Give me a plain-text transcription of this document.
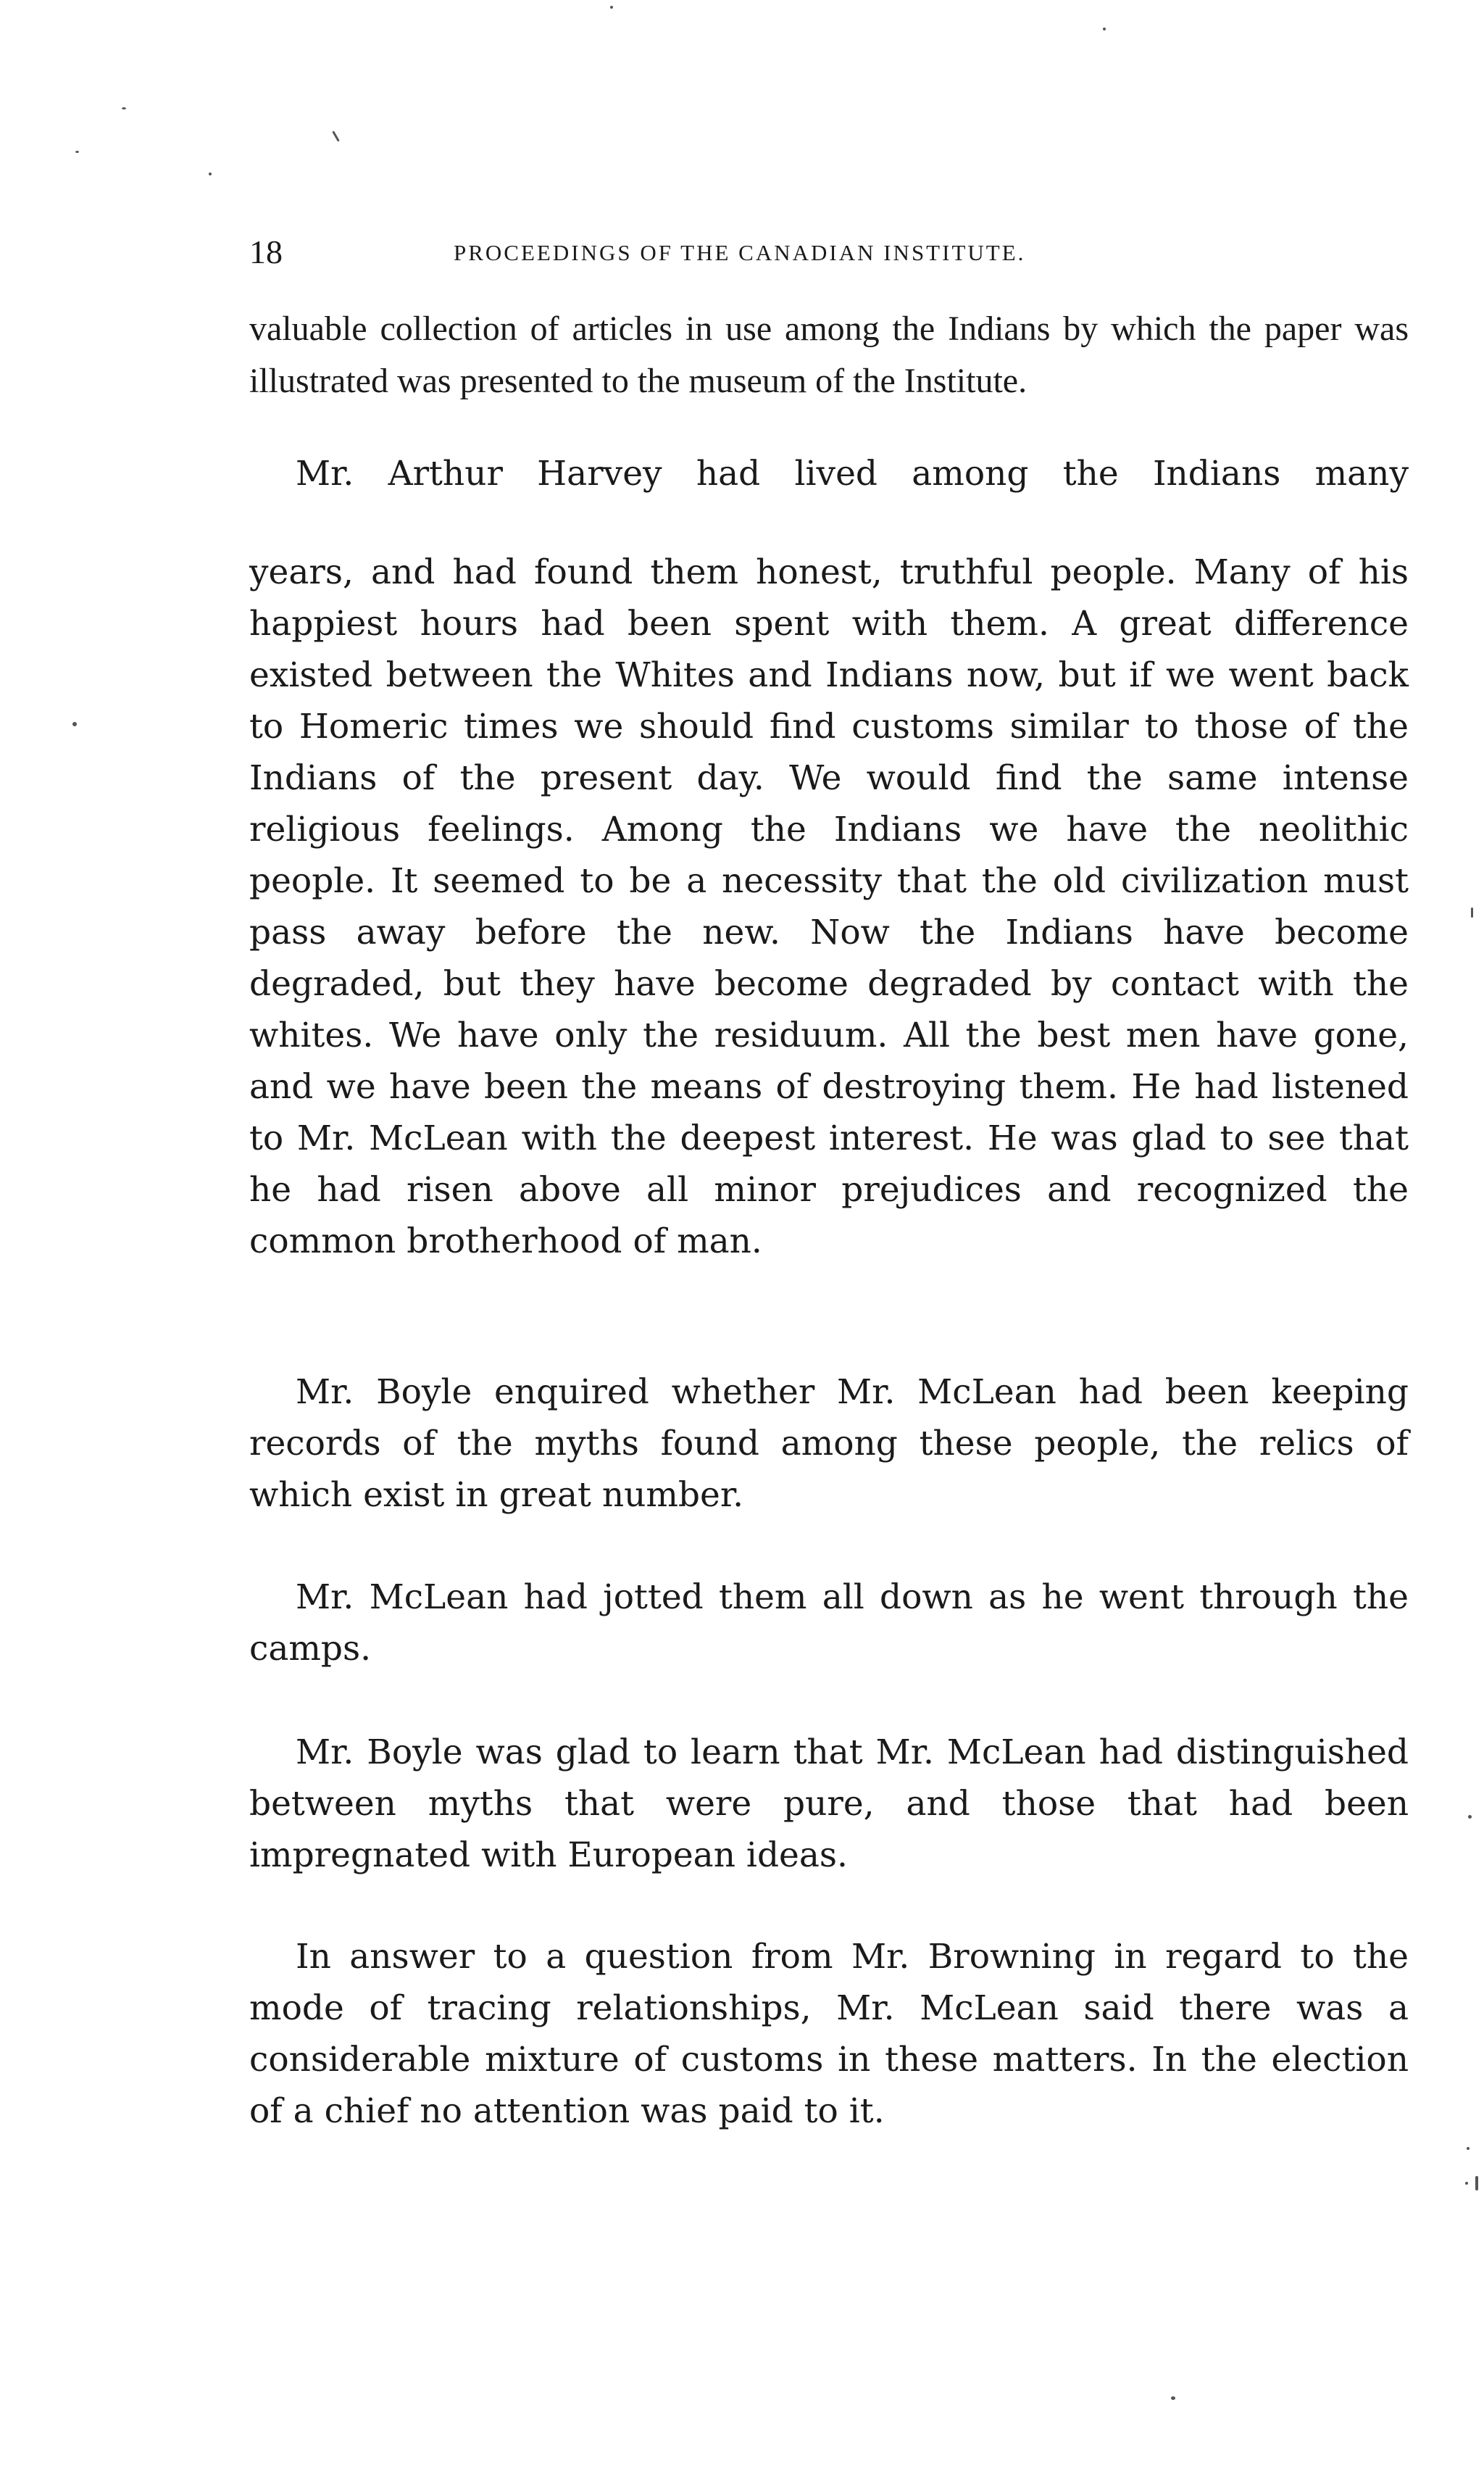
18	PROCEEDINGS OF THE CANADIAN INSTITUTE.

valuable collection of articles in use among the Indians by which the paper was illustrated was presented to the museum of the Institute.

Mr. Arthur Harvey had lived among the Indians many

years, and had found them honest, truthful people. Many of his happiest hours had been spent with them. A great difference existed between the Whites and Indians now, but if we went back to Homeric times we should find customs similar to those of the Indians of the present day. We would find the same intense religious feelings. Among the Indians we have the neolithic people. It seemed to be a necessity that the old civilization must pass away before the new. Now the Indians have become degraded, but they have become degraded by contact with the whites. We have only the residuum. All the best men have gone, and we have been the means of destroying them. He had listened to Mr. McLean with the deepest interest. He was glad to see that he had risen above all minor prejudices and recognized the common brotherhood of man.

Mr. Boyle enquired whether Mr. McLean had been keeping records of the myths found among these people, the relics of which exist in great number.

Mr. McLean had jotted them all down as he went through the camps.

Mr. Boyle was glad to learn that Mr. McLean had distinguished between myths that were pure, and those that had been impregnated with European ideas.

In answer to a question from Mr. Browning in regard to the mode of tracing relationships, Mr. McLean said there was a considerable mixture of customs in these matters. In the election of a chief no attention was paid to it.
